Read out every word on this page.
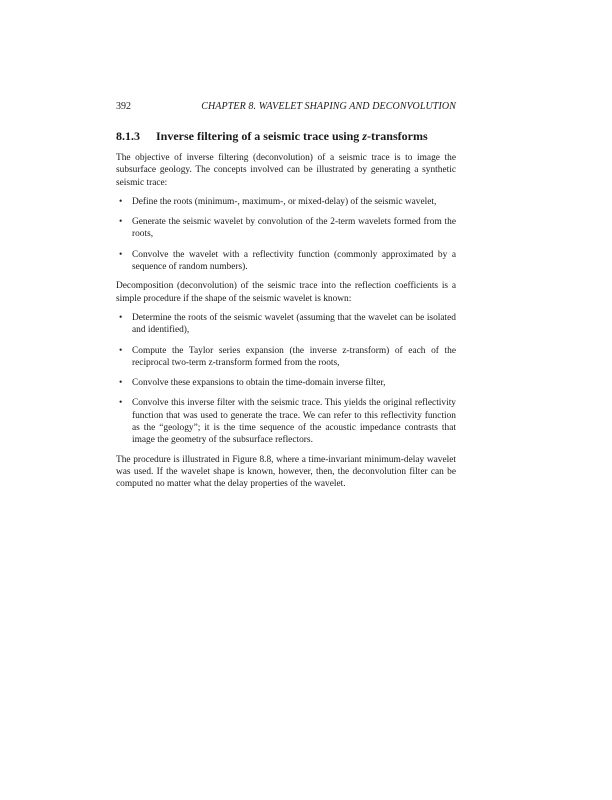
392	CHAPTER 8. WAVELET SHAPING AND DECONVOLUTION
8.1.3 Inverse filtering of a seismic trace using z-transforms

The objective of inverse filtering (deconvolution) of a seismic trace is to image the subsurface geology. The concepts involved can be illustrated by generating a synthetic seismic trace:

• Define the roots (minimum-, maximum-, or mixed-delay) of the seismic wavelet,
• Generate the seismic wavelet by convolution of the 2-term wavelets formed from the roots,
• Convolve the wavelet with a reflectivity function (commonly approximated by a sequence of random numbers).

Decomposition (deconvolution) of the seismic trace into the reflection coefficients is a simple procedure if the shape of the seismic wavelet is known:

• Determine the roots of the seismic wavelet (assuming that the wavelet can be isolated and identified),
• Compute the Taylor series expansion (the inverse z-transform) of each of the reciprocal two-term z-transform formed from the roots,
• Convolve these expansions to obtain the time-domain inverse filter,
• Convolve this inverse filter with the seismic trace. This yields the original reflectivity function that was used to generate the trace. We can refer to this reflectivity function as the “geology”; it is the time sequence of the acoustic impedance contrasts that image the geometry of the subsurface reflectors.

The procedure is illustrated in Figure 8.8, where a time-invariant minimum-delay wavelet was used. If the wavelet shape is known, however, then, the deconvolution filter can be computed no matter what the delay properties of the wavelet.
